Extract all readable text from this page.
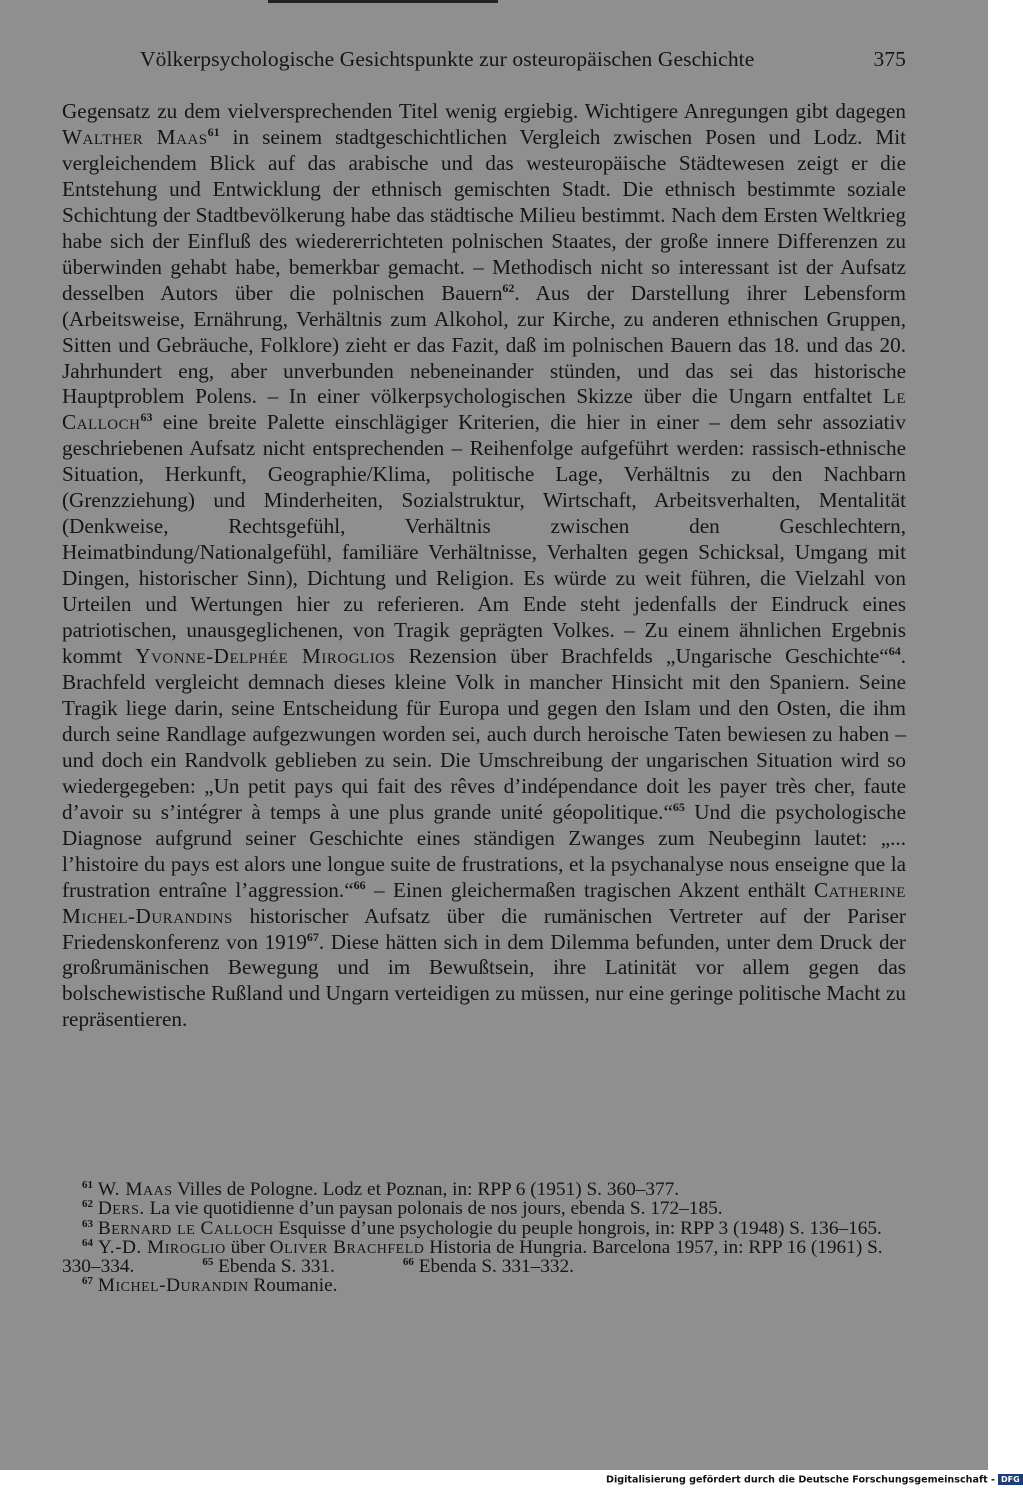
Völkerpsychologische Gesichtspunkte zur osteuropäischen Geschichte	375

Gegensatz zu dem vielversprechenden Titel wenig ergiebig. Wichtigere Anregungen gibt dagegen Walther Maas$^{61}$ in seinem stadtgeschichtlichen Vergleich zwischen Posen und Lodz. Mit vergleichendem Blick auf das arabische und das westeuropäische Städtewesen zeigt er die Entstehung und Entwicklung der ethnisch gemischten Stadt. Die ethnisch bestimmte soziale Schichtung der Stadtbevölkerung habe das städtische Milieu bestimmt. Nach dem Ersten Weltkrieg habe sich der Einfluß des wiedererrichteten polnischen Staates, der große innere Differenzen zu überwinden gehabt habe, bemerkbar gemacht. – Methodisch nicht so interessant ist der Aufsatz desselben Autors über die polnischen Bauern$^{62}$. Aus der Darstellung ihrer Lebensform (Arbeitsweise, Ernährung, Verhältnis zum Alkohol, zur Kirche, zu anderen ethnischen Gruppen, Sitten und Gebräuche, Folklore) zieht er das Fazit, daß im polnischen Bauern das 18. und das 20. Jahrhundert eng, aber unverbunden nebeneinander stünden, und das sei das historische Hauptproblem Polens. – In einer völkerpsychologischen Skizze über die Ungarn entfaltet Le Calloch$^{63}$ eine breite Palette einschlägiger Kriterien, die hier in einer – dem sehr assoziativ geschriebenen Aufsatz nicht entsprechenden – Reihenfolge aufgeführt werden: rassisch-ethnische Situation, Herkunft, Geographie/Klima, politische Lage, Verhältnis zu den Nachbarn (Grenzziehung) und Minderheiten, Sozialstruktur, Wirtschaft, Arbeitsverhalten, Mentalität (Denkweise, Rechtsgefühl, Verhältnis zwischen den Geschlechtern, Heimatbindung/Nationalgefühl, familiäre Verhältnisse, Verhalten gegen Schicksal, Umgang mit Dingen, historischer Sinn), Dichtung und Religion. Es würde zu weit führen, die Vielzahl von Urteilen und Wertungen hier zu referieren. Am Ende steht jedenfalls der Eindruck eines patriotischen, unausgeglichenen, von Tragik geprägten Volkes. – Zu einem ähnlichen Ergebnis kommt Yvonne-Delphée Miroglios Rezension über Brachfelds „Ungarische Geschichte“$^{64}$. Brachfeld vergleicht demnach dieses kleine Volk in mancher Hinsicht mit den Spaniern. Seine Tragik liege darin, seine Entscheidung für Europa und gegen den Islam und den Osten, die ihm durch seine Randlage aufgezwungen worden sei, auch durch heroische Taten bewiesen zu haben – und doch ein Randvolk geblieben zu sein. Die Umschreibung der ungarischen Situation wird so wiedergegeben: „Un petit pays qui fait des rêves d’indépendance doit les payer très cher, faute d’avoir su s’intégrer à temps à une plus grande unité géopolitique.“$^{65}$ Und die psychologische Diagnose aufgrund seiner Geschichte eines ständigen Zwanges zum Neubeginn lautet: „... l’histoire du pays est alors une longue suite de frustrations, et la psychanalyse nous enseigne que la frustration entraîne l’aggression.“$^{66}$ – Einen gleichermaßen tragischen Akzent enthält Catherine Michel-Durandins historischer Aufsatz über die rumänischen Vertreter auf der Pariser Friedenskonferenz von 1919$^{67}$. Diese hätten sich in dem Dilemma befunden, unter dem Druck der großrumänischen Bewegung und im Bewußtsein, ihre Latinität vor allem gegen das bolschewistische Rußland und Ungarn verteidigen zu müssen, nur eine geringe politische Macht zu repräsentieren.

$^{61}$ W. Maas Villes de Pologne. Lodz et Poznan, in: RPP 6 (1951) S. 360–377.

$^{62}$ Ders. La vie quotidienne d’un paysan polonais de nos jours, ebenda S. 172–185.

$^{63}$ Bernard le Calloch Esquisse d’une psychologie du peuple hongrois, in: RPP 3 (1948) S. 136–165.

$^{64}$ Y.-D. Miroglio über Oliver Brachfeld Historia de Hungria. Barcelona 1957, in: RPP 16 (1961) S. 330–334.	$^{65}$ Ebenda S. 331.	$^{66}$ Ebenda S. 331–332.

$^{67}$ Michel-Durandin Roumanie.

Digitalisierung gefördert durch die Deutsche Forschungsgemeinschaft - DFG
